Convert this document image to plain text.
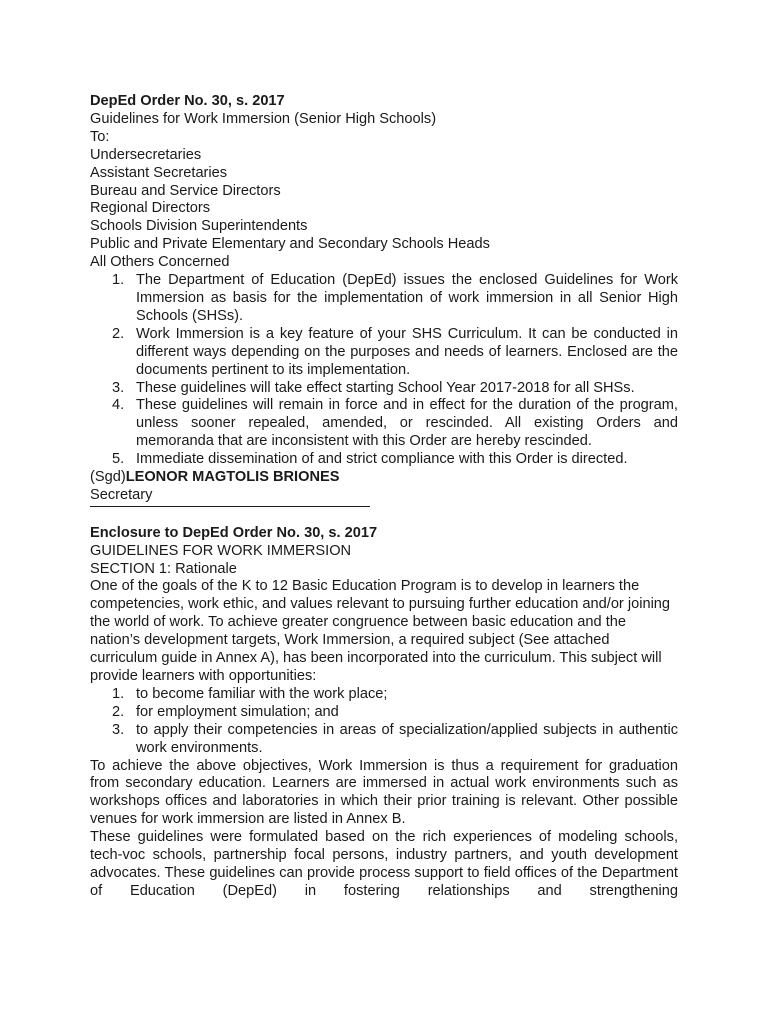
DepEd Order No. 30, s. 2017
Guidelines for Work Immersion (Senior High Schools)
To:
Undersecretaries
Assistant Secretaries
Bureau and Service Directors
Regional Directors
Schools Division Superintendents
Public and Private Elementary and Secondary Schools Heads
All Others Concerned
1. The Department of Education (DepEd) issues the enclosed Guidelines for Work Immersion as basis for the implementation of work immersion in all Senior High Schools (SHSs).
2. Work Immersion is a key feature of your SHS Curriculum. It can be conducted in different ways depending on the purposes and needs of learners. Enclosed are the documents pertinent to its implementation.
3. These guidelines will take effect starting School Year 2017-2018 for all SHSs.
4. These guidelines will remain in force and in effect for the duration of the program, unless sooner repealed, amended, or rescinded. All existing Orders and memoranda that are inconsistent with this Order are hereby rescinded.
5. Immediate dissemination of and strict compliance with this Order is directed.
(Sgd)LEONOR MAGTOLIS BRIONES
Secretary
Enclosure to DepEd Order No. 30, s. 2017
GUIDELINES FOR WORK IMMERSION
SECTION 1: Rationale
One of the goals of the K to 12 Basic Education Program is to develop in learners the competencies, work ethic, and values relevant to pursuing further education and/or joining the world of work. To achieve greater congruence between basic education and the nation’s development targets, Work Immersion, a required subject (See attached curriculum guide in Annex A), has been incorporated into the curriculum. This subject will provide learners with opportunities:
1. to become familiar with the work place;
2. for employment simulation; and
3. to apply their competencies in areas of specialization/applied subjects in authentic work environments.
To achieve the above objectives, Work Immersion is thus a requirement for graduation from secondary education. Learners are immersed in actual work environments such as workshops offices and laboratories in which their prior training is relevant. Other possible venues for work immersion are listed in Annex B.
These guidelines were formulated based on the rich experiences of modeling schools, tech-voc schools, partnership focal persons, industry partners, and youth development advocates. These guidelines can provide process support to field offices of the Department of Education (DepEd) in fostering relationships and strengthening
